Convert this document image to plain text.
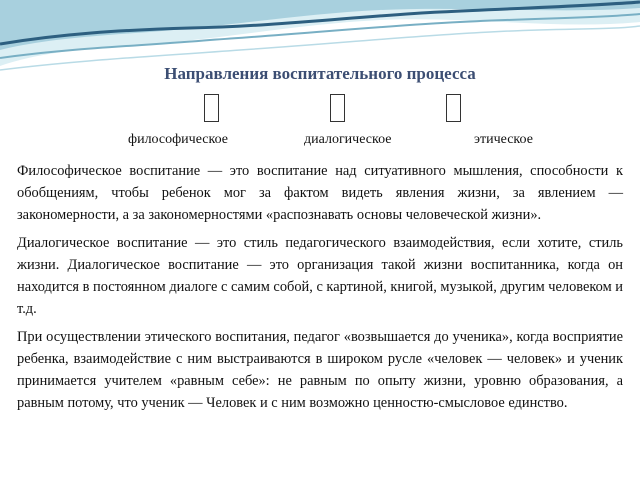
Направления воспитательного процесса
философическое	диалогическое	этическое

Философическое воспитание — это воспитание над ситуативного мышления, способности к обобщениям, чтобы ребенок мог за фактом видеть явления жизни, за явлением — закономерности, а за закономерностями «распознавать основы человеческой жизни».

Диалогическое воспитание — это стиль педагогического взаимодействия, если хотите, стиль жизни. Диалогическое воспитание — это организация такой жизни воспитанника, когда он находится в постоянном диалоге с самим собой, с картиной, книгой, музыкой, другим человеком и т.д.

При осуществлении этического воспитания, педагог «возвышается до ученика», когда восприятие ребенка, взаимодействие с ним выстраиваются в широком русле «человек — человек» и ученик принимается учителем «равным себе»: не равным по опыту жизни, уровню образования, а равным потому, что ученик — Человек и с ним возможно ценностю-смысловое единство.
